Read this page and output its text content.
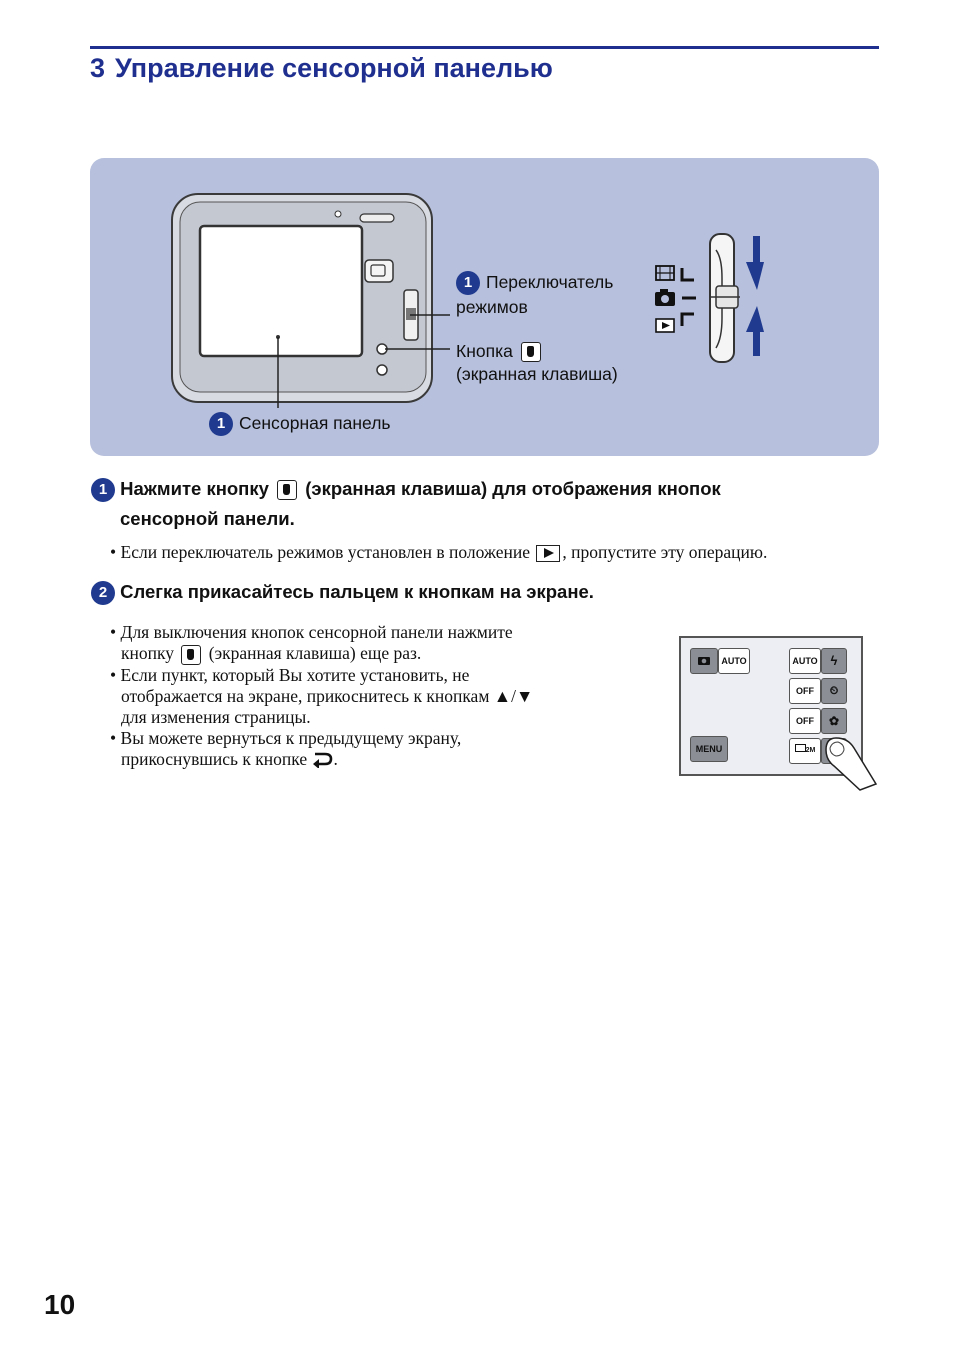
3 Управление сенсорной панелью
1 Переключатель
режимов
Кнопка
(экранная клавиша)
1 Сенсорная панель
1 Нажмите кнопку (экранная клавиша) для отображения кнопок
сенсорной панели.
• Если переключатель режимов установлен в положение , пропустите эту операцию.
2 Слегка прикасайтесь пальцем к кнопкам на экране.
• Для выключения кнопок сенсорной панели нажмите
кнопку (экранная клавиша) еще раз.
• Если пункт, который Вы хотите установить, не
отображается на экране, прикоснитесь к кнопкам ▲/▼
для изменения страницы.
• Вы можете вернуться к предыдущему экрану,
прикоснувшись к кнопке .
AUTO	AUTO ϟ
OFF	⏲
OFF	✿
MENU	2M
10
